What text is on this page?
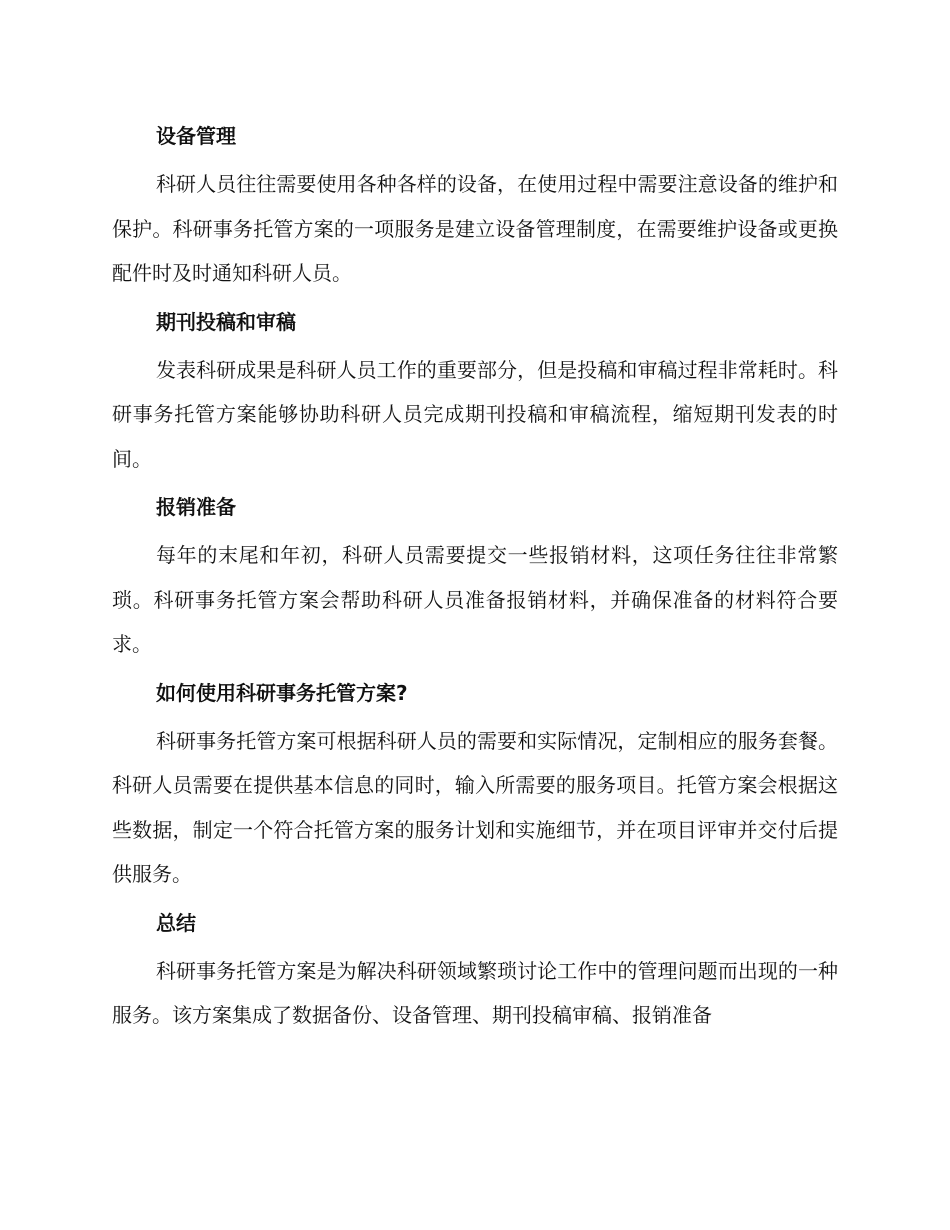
设备管理

科研人员往往需要使用各种各样的设备，在使用过程中需要注意设备的维护和保护。科研事务托管方案的一项服务是建立设备管理制度，在需要维护设备或更换配件时及时通知科研人员。

期刊投稿和审稿

发表科研成果是科研人员工作的重要部分，但是投稿和审稿过程非常耗时。科研事务托管方案能够协助科研人员完成期刊投稿和审稿流程，缩短期刊发表的时间。

报销准备

每年的末尾和年初，科研人员需要提交一些报销材料，这项任务往往非常繁琐。科研事务托管方案会帮助科研人员准备报销材料，并确保准备的材料符合要求。

如何使用科研事务托管方案?

科研事务托管方案可根据科研人员的需要和实际情况，定制相应的服务套餐。科研人员需要在提供基本信息的同时，输入所需要的服务项目。托管方案会根据这些数据，制定一个符合托管方案的服务计划和实施细节，并在项目评审并交付后提供服务。

总结

科研事务托管方案是为解决科研领域繁琐讨论工作中的管理问题而出现的一种服务。该方案集成了数据备份、设备管理、期刊投稿审稿、报销准备
